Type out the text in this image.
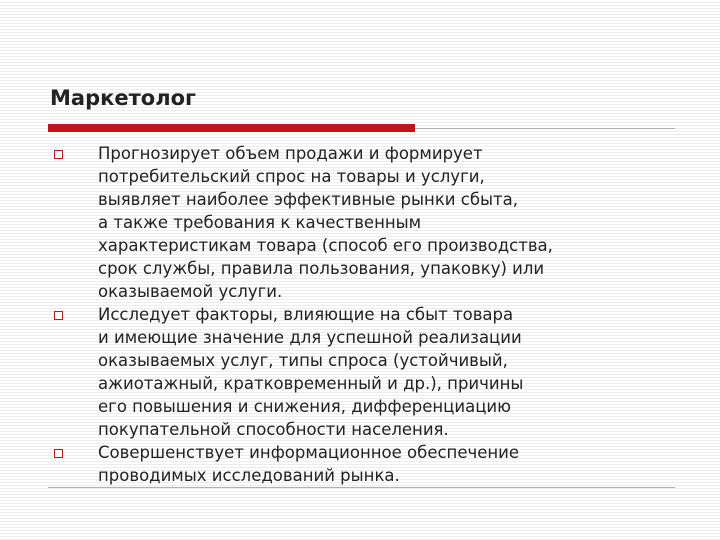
Маркетолог
Прогнозирует объем продажи и формирует
потребительский спрос на товары и услуги,
выявляет наиболее эффективные рынки сбыта,
а также требования к качественным
характеристикам товара (способ его производства,
срок службы, правила пользования, упаковку) или
оказываемой услуги.
Исследует факторы, влияющие на сбыт товара
и имеющие значение для успешной реализации
оказываемых услуг, типы спроса (устойчивый,
ажиотажный, кратковременный и др.), причины
его повышения и снижения, дифференциацию
покупательной способности населения.
Совершенствует информационное обеспечение
проводимых исследований рынка.
